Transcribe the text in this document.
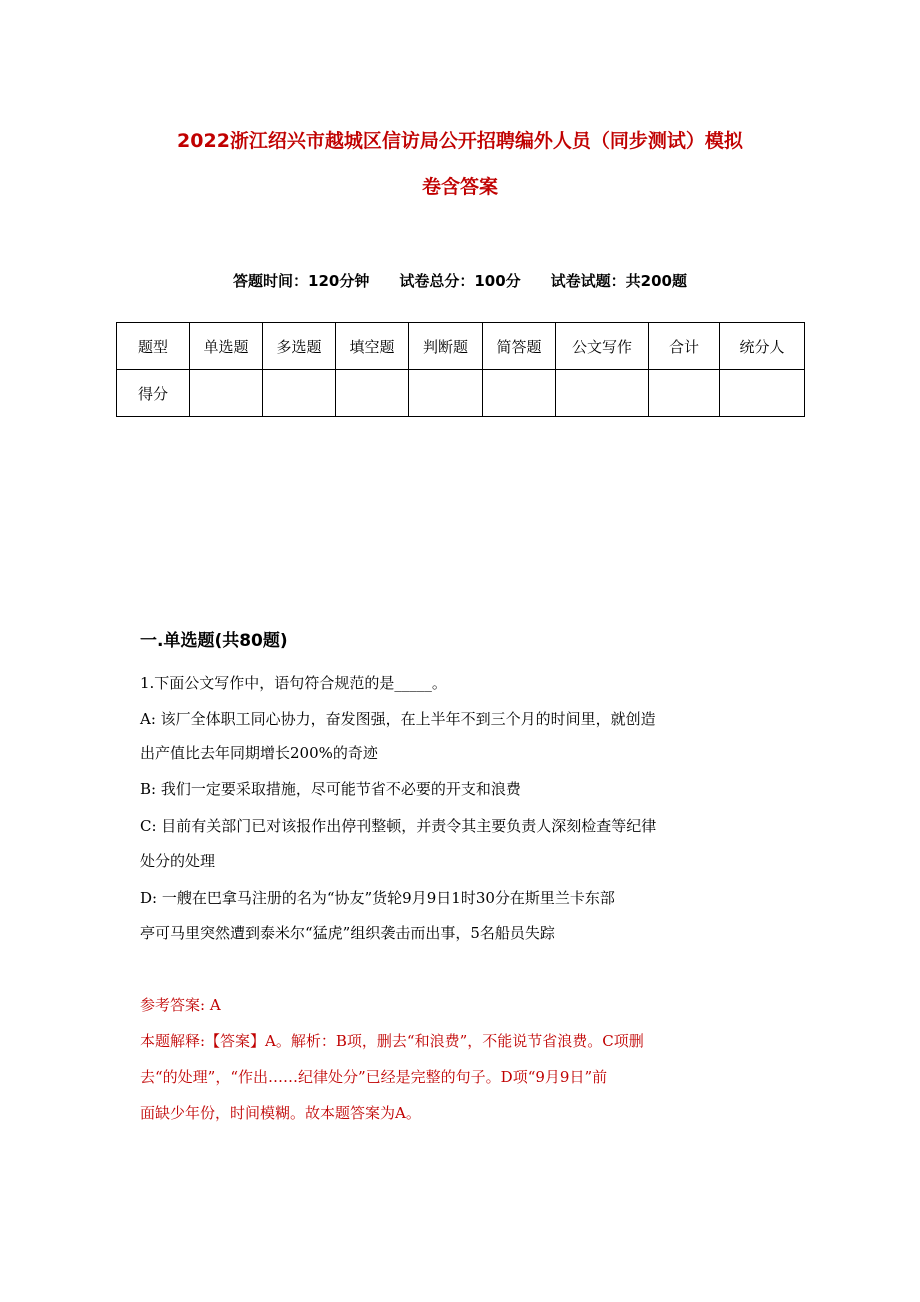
2022浙江绍兴市越城区信访局公开招聘编外人员（同步测试）模拟
卷含答案
答题时间：120分钟 试卷总分：100分 试卷试题：共200题
题型	单选题	多选题	填空题	判断题	简答题	公文写作	合计	统分人
得分								
一.单选题(共80题)
1.下面公文写作中，语句符合规范的是_____。
A: 该厂全体职工同心协力，奋发图强，在上半年不到三个月的时间里，就创造
出产值比去年同期增长200%的奇迹
B: 我们一定要采取措施，尽可能节省不必要的开支和浪费
C: 目前有关部门已对该报作出停刊整顿，并责令其主要负责人深刻检查等纪律
处分的处理
D: 一艘在巴拿马注册的名为“协友”货轮9月9日1时30分在斯里兰卡东部
亭可马里突然遭到泰米尔“猛虎”组织袭击而出事，5名船员失踪
参考答案: A
本题解释:【答案】A。解析：B项，删去“和浪费”，不能说节省浪费。C项删
去“的处理”，“作出……纪律处分”已经是完整的句子。D项“9月9日”前
面缺少年份，时间模糊。故本题答案为A。
